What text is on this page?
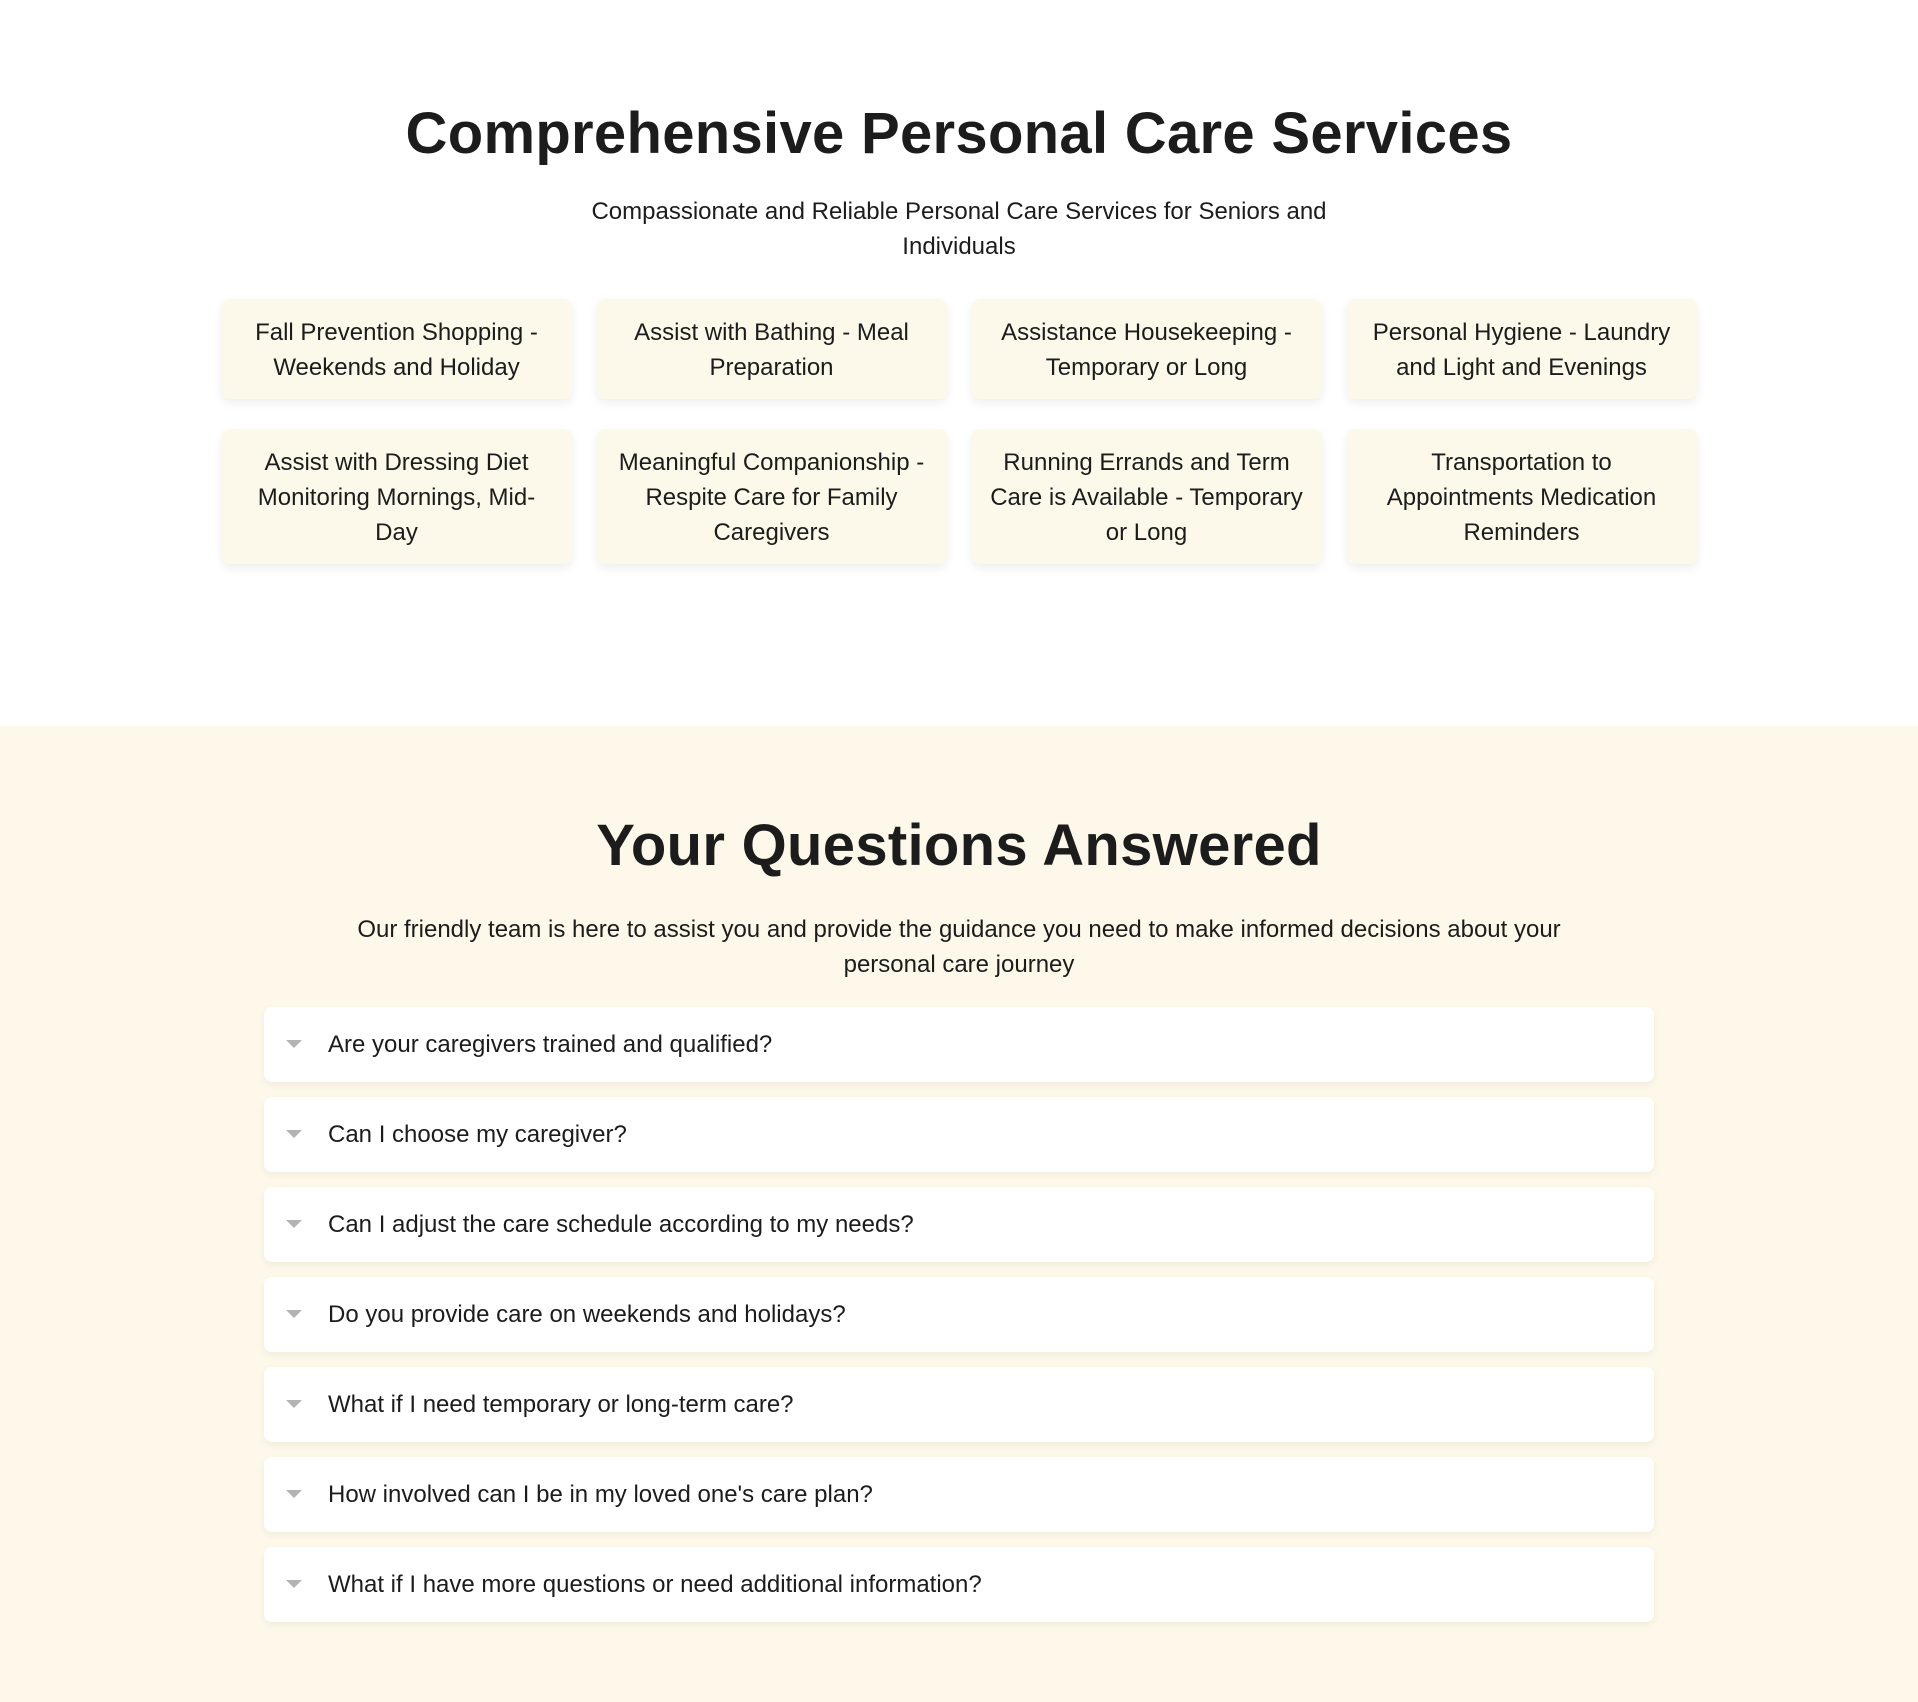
Comprehensive Personal Care Services

Compassionate and Reliable Personal Care Services for Seniors and Individuals

Fall Prevention Shopping - Weekends and Holiday
Assist with Bathing - Meal Preparation
Assistance Housekeeping - Temporary or Long
Personal Hygiene - Laundry and Light and Evenings
Assist with Dressing Diet Monitoring Mornings, Mid-Day
Meaningful Companionship - Respite Care for Family Caregivers
Running Errands and Term Care is Available - Temporary or Long
Transportation to Appointments Medication Reminders
Your Questions Answered

Our friendly team is here to assist you and provide the guidance you need to make informed decisions about your personal care journey

Are your caregivers trained and qualified?
Can I choose my caregiver?
Can I adjust the care schedule according to my needs?
Do you provide care on weekends and holidays?
What if I need temporary or long-term care?
How involved can I be in my loved one's care plan?
What if I have more questions or need additional information?
